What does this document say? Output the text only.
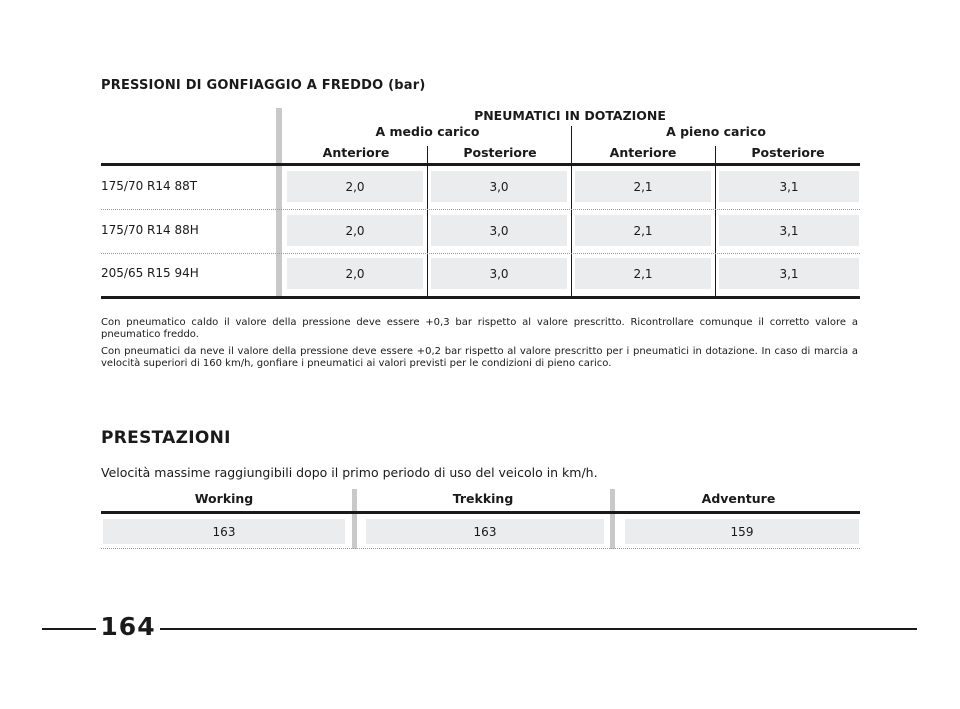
PRESSIONI DI GONFIAGGIO A FREDDO (bar)
PNEUMATICI IN DOTAZIONE
A medio carico	A pieno carico
Anteriore	Posteriore	Anteriore	Posteriore
175/70 R14 88T	2,0	3,0	2,1	3,1
175/70 R14 88H	2,0	3,0	2,1	3,1
205/65 R15 94H	2,0	3,0	2,1	3,1
Con pneumatico caldo il valore della pressione deve essere +0,3 bar rispetto al valore prescritto. Ricontrollare comunque il corretto valore a pneumatico freddo.
Con pneumatici da neve il valore della pressione deve essere +0,2 bar rispetto al valore prescritto per i pneumatici in dotazione. In caso di marcia a velocità superiori di 160 km/h, gonfiare i pneumatici ai valori previsti per le condizioni di pieno carico.
PRESTAZIONI
Velocità massime raggiungibili dopo il primo periodo di uso del veicolo in km/h.
Working	Trekking	Adventure
163	163	159
164
